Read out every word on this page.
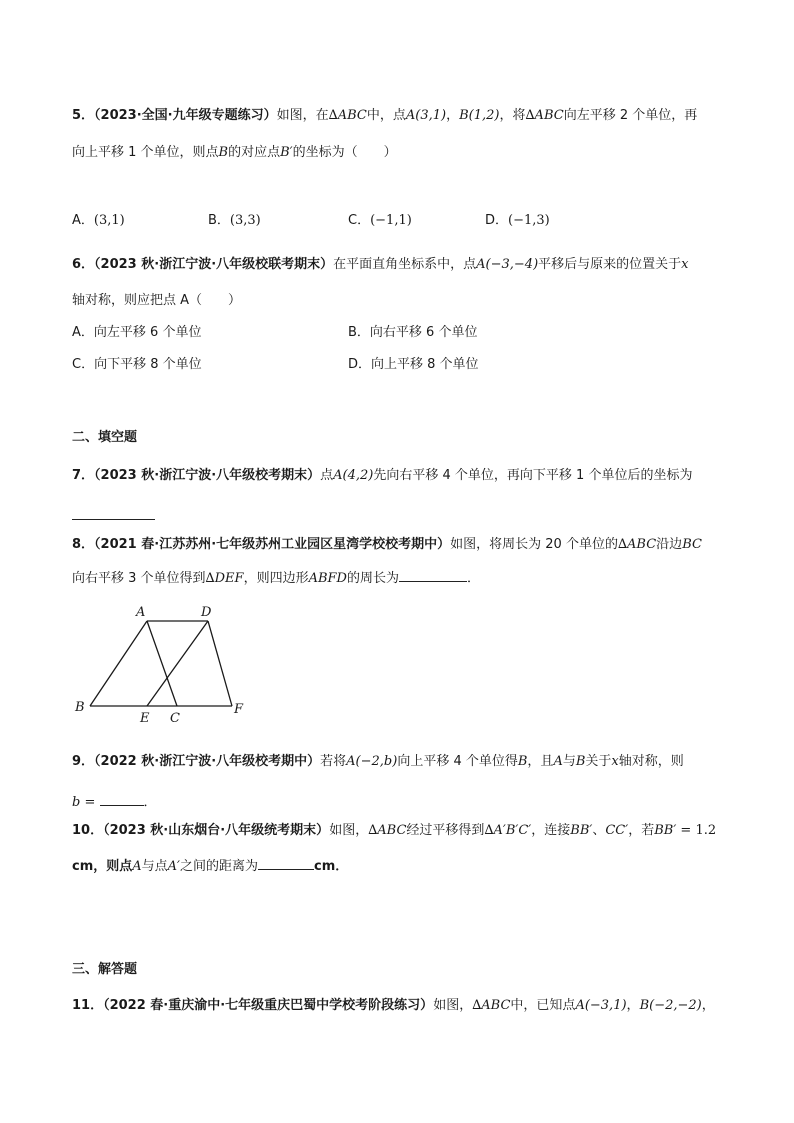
5．（2023·全国·九年级专题练习）如图，在∆ABC中，点A(3,1)，B(1,2)，将∆ABC向左平移 2 个单位，再
向上平移 1 个单位，则点B的对应点B′的坐标为（　　）
A．(3,1)	B．(3,3)	C．(−1,1)	D．(−1,3)
6．（2023 秋·浙江宁波·八年级校联考期末）在平面直角坐标系中，点A(−3,−4)平移后与原来的位置关于x
轴对称，则应把点 A（　　）
A．向左平移 6 个单位	B．向右平移 6 个单位
C．向下平移 8 个单位	D．向上平移 8 个单位
二、填空题
7．（2023 秋·浙江宁波·八年级校考期末）点A(4,2)先向右平移 4 个单位，再向下平移 1 个单位后的坐标为
8．（2021 春·江苏苏州·七年级苏州工业园区星湾学校校考期中）如图，将周长为 20 个单位的∆ABC沿边BC
向右平移 3 个单位得到∆DEF，则四边形ABFD的周长为	．
A	D
B
E C
F
9．（2022 秋·浙江宁波·八年级校考期中）若将A(−2,b)向上平移 4 个单位得B，且A与B关于x轴对称，则
b =	．
10．（2023 秋·山东烟台·八年级统考期末）如图，∆ABC经过平移得到∆A′B′C′，连接BB′、CC′，若BB′ = 1.2
cm，则点A与点A′之间的距离为	cm．
三、解答题
11．（2022 春·重庆渝中·七年级重庆巴蜀中学校考阶段练习）如图，∆ABC中，已知点A(−3,1)，B(−2,−2)，
